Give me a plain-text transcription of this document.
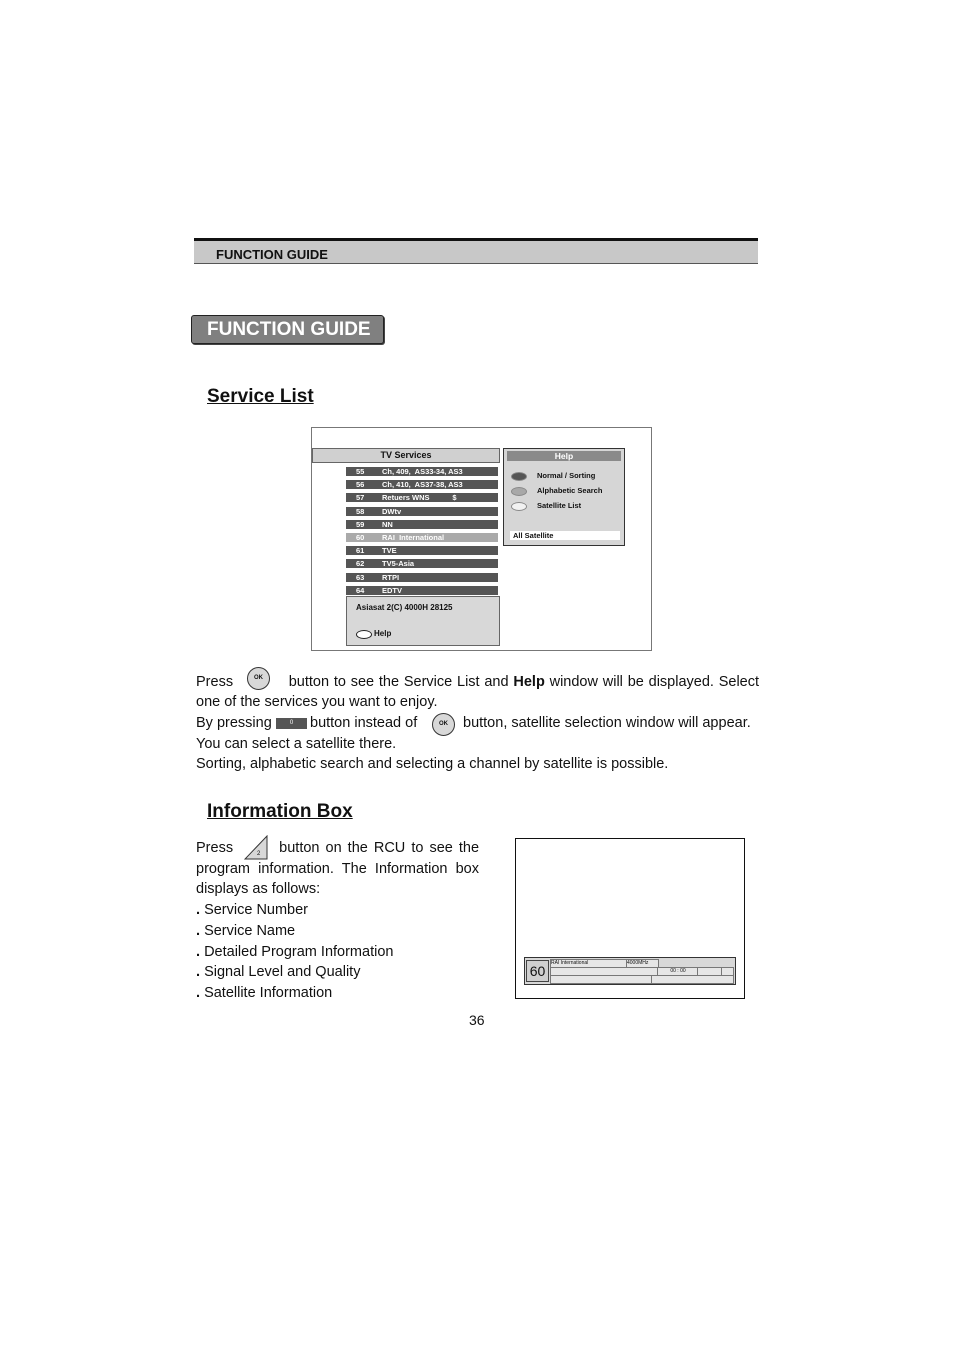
FUNCTION GUIDE
FUNCTION GUIDE
Service List
TV Services
55 Ch, 409,  AS33-34, AS3
56 Ch, 410,  AS37-38, AS3
57 Retuers WNS           $
58 DWtv
59 NN
60 RAI  International
61 TVE
62 TV5-Asia
63 RTPI
64 EDTV
Asiasat 2(C) 4000H 28125
Help
Help
Normal / Sorting
Alphabetic Search
Satellite List
All Satellite
Press	button to see the Service List and Help window will be displayed. Select
OK
one of the services you want to enjoy.
By pressing	0	button instead of	OK	button, satellite selection window will appear.
You can select a satellite there.
Sorting, alphabetic search and selecting a channel by satellite is possible.
Information Box
Press	button on the RCU to see the
2
program information. The Information box
displays as follows:
. Service Number
. Service Name
. Detailed Program Information
. Signal Level and Quality
. Satellite Information
60	RAI International	4000MHz
00 : 00
36
